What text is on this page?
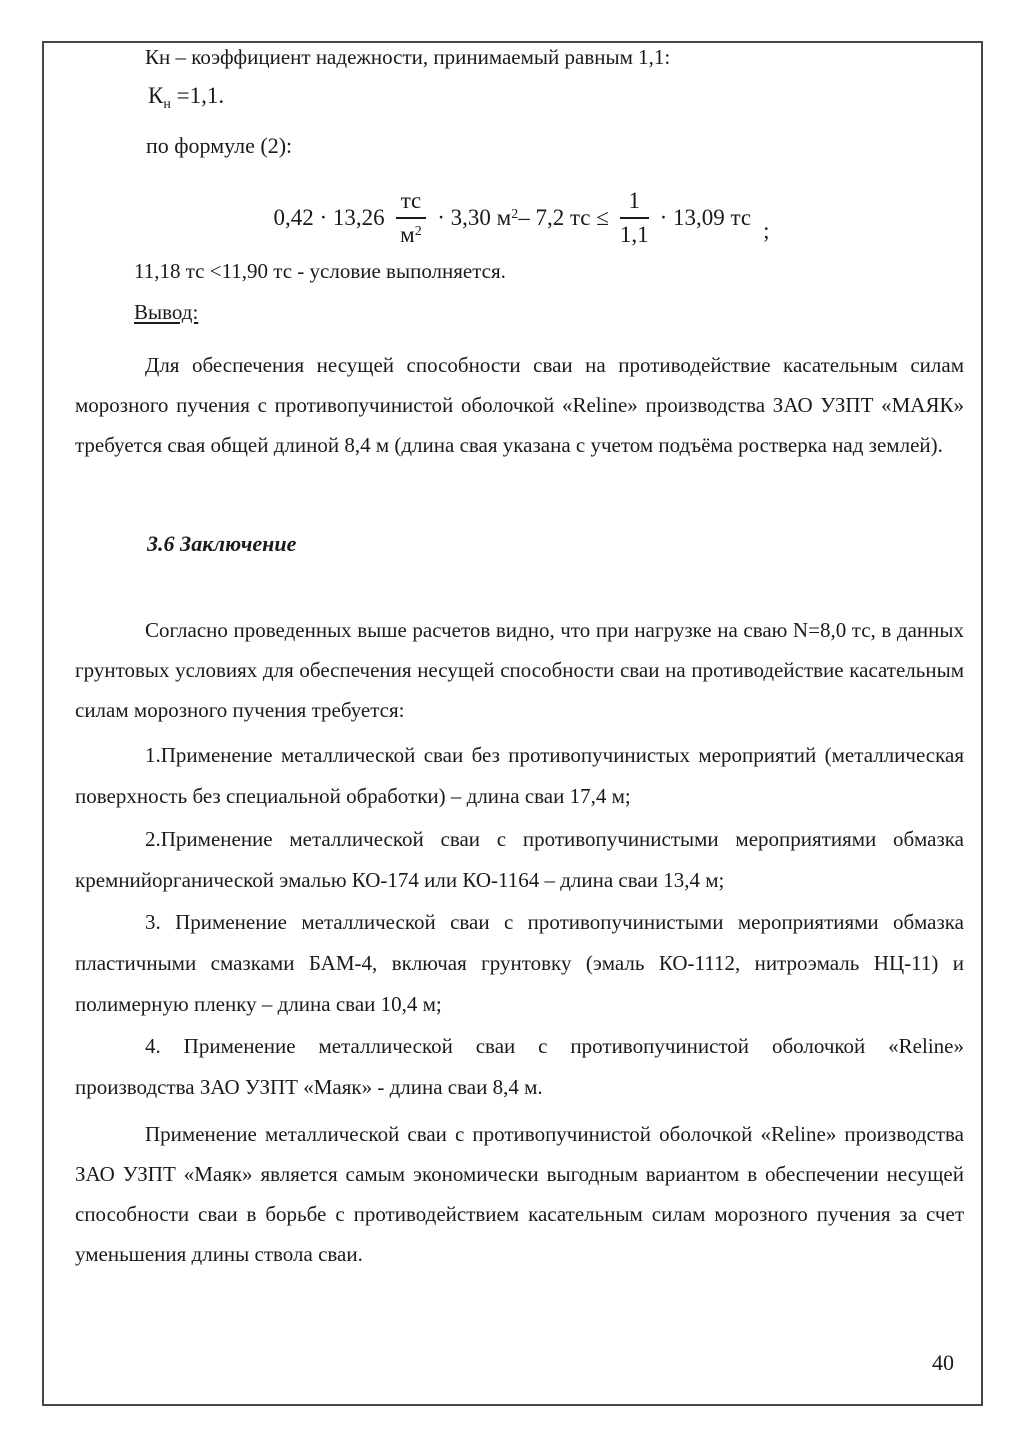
Кн – коэффициент надежности, принимаемый равным 1,1:

$К_н =1,1$.

по формуле (2):

$0,42 \cdot 13,26 \frac{тс}{м^2} \cdot 3,30$ $м^2-$ 7,2 тс ≤ $\frac{1}{1,1} \cdot 13,09$ тс
;

11,18 тс <11,90 тс - условие выполняется.

Вывод:

Для обеспечения несущей способности сваи на противодействие касательным силам морозного пучения с противопучинистой оболочкой «Reline» производства ЗАО УЗПТ «МАЯК» требуется свая общей длиной 8,4 м (длина свая указана с учетом подъёма ростверка над землей).

3.6 Заключение

Согласно проведенных выше расчетов видно, что при нагрузке на сваю N=8,0 тс, в данных грунтовых условиях для обеспечения несущей способности сваи на противодействие касательным силам морозного пучения требуется:

1.Применение металлической сваи без противопучинистых мероприятий (металлическая поверхность без специальной обработки) – длина сваи 17,4 м;

2.Применение металлической сваи с противопучинистыми мероприятиями обмазка кремнийорганической эмалью КО-174 или КО-1164 – длина сваи 13,4 м;

3. Применение металлической сваи с противопучинистыми мероприятиями обмазка пластичными смазками БАМ-4, включая грунтовку (эмаль КО-1112, нитроэмаль НЦ-11) и полимерную пленку – длина сваи 10,4 м;

4. Применение металлической сваи с противопучинистой оболочкой «Reline» производства ЗАО УЗПТ «Маяк» - длина сваи 8,4 м.

Применение металлической сваи с противопучинистой оболочкой «Reline» производства ЗАО УЗПТ «Маяк» является самым экономически выгодным вариантом в обеспечении несущей способности сваи в борьбе с противодействием касательным силам морозного пучения за счет уменьшения длины ствола сваи.

40
